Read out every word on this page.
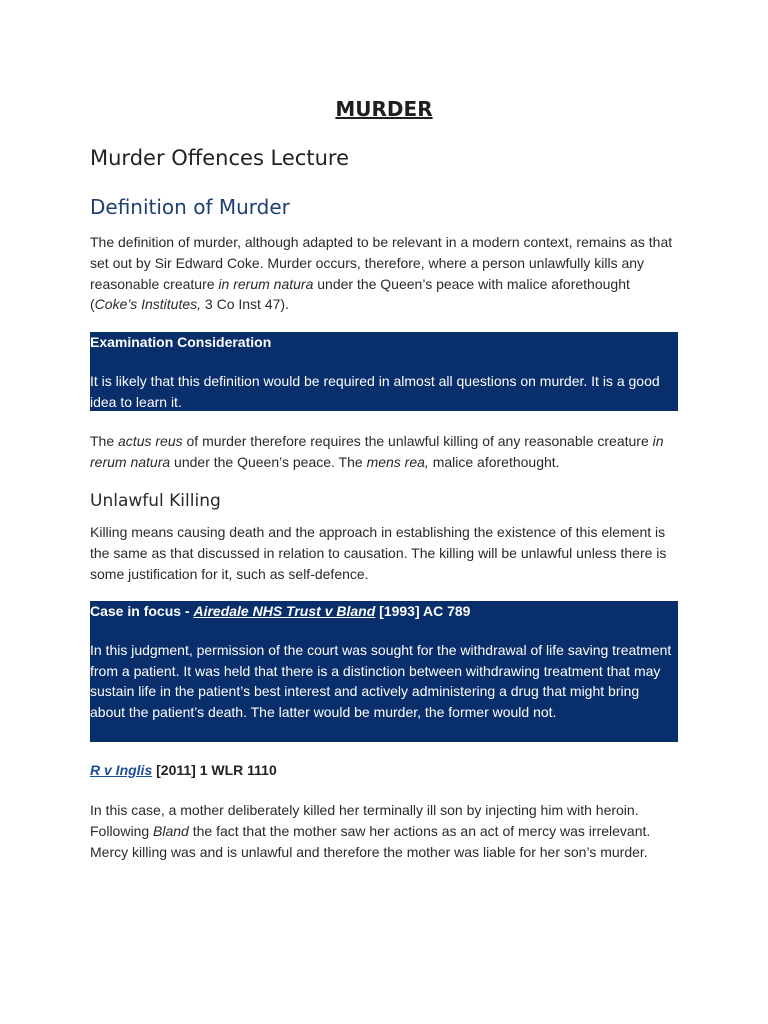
MURDER
Murder Offences Lecture
Definition of Murder

The definition of murder, although adapted to be relevant in a modern context, remains as that set out by Sir Edward Coke. Murder occurs, therefore, where a person unlawfully kills any reasonable creature in rerum natura under the Queen’s peace with malice aforethought (Coke’s Institutes, 3 Co Inst 47).

Examination Consideration

It is likely that this definition would be required in almost all questions on murder. It is a good idea to learn it.

The actus reus of murder therefore requires the unlawful killing of any reasonable creature in rerum natura under the Queen’s peace. The mens rea, malice aforethought.

Unlawful Killing

Killing means causing death and the approach in establishing the existence of this element is the same as that discussed in relation to causation. The killing will be unlawful unless there is some justification for it, such as self-defence.

Case in focus - Airedale NHS Trust v Bland [1993] AC 789

In this judgment, permission of the court was sought for the withdrawal of life saving treatment from a patient. It was held that there is a distinction between withdrawing treatment that may sustain life in the patient’s best interest and actively administering a drug that might bring about the patient’s death. The latter would be murder, the former would not.

R v Inglis [2011] 1 WLR 1110

In this case, a mother deliberately killed her terminally ill son by injecting him with heroin. Following Bland the fact that the mother saw her actions as an act of mercy was irrelevant. Mercy killing was and is unlawful and therefore the mother was liable for her son’s murder.
